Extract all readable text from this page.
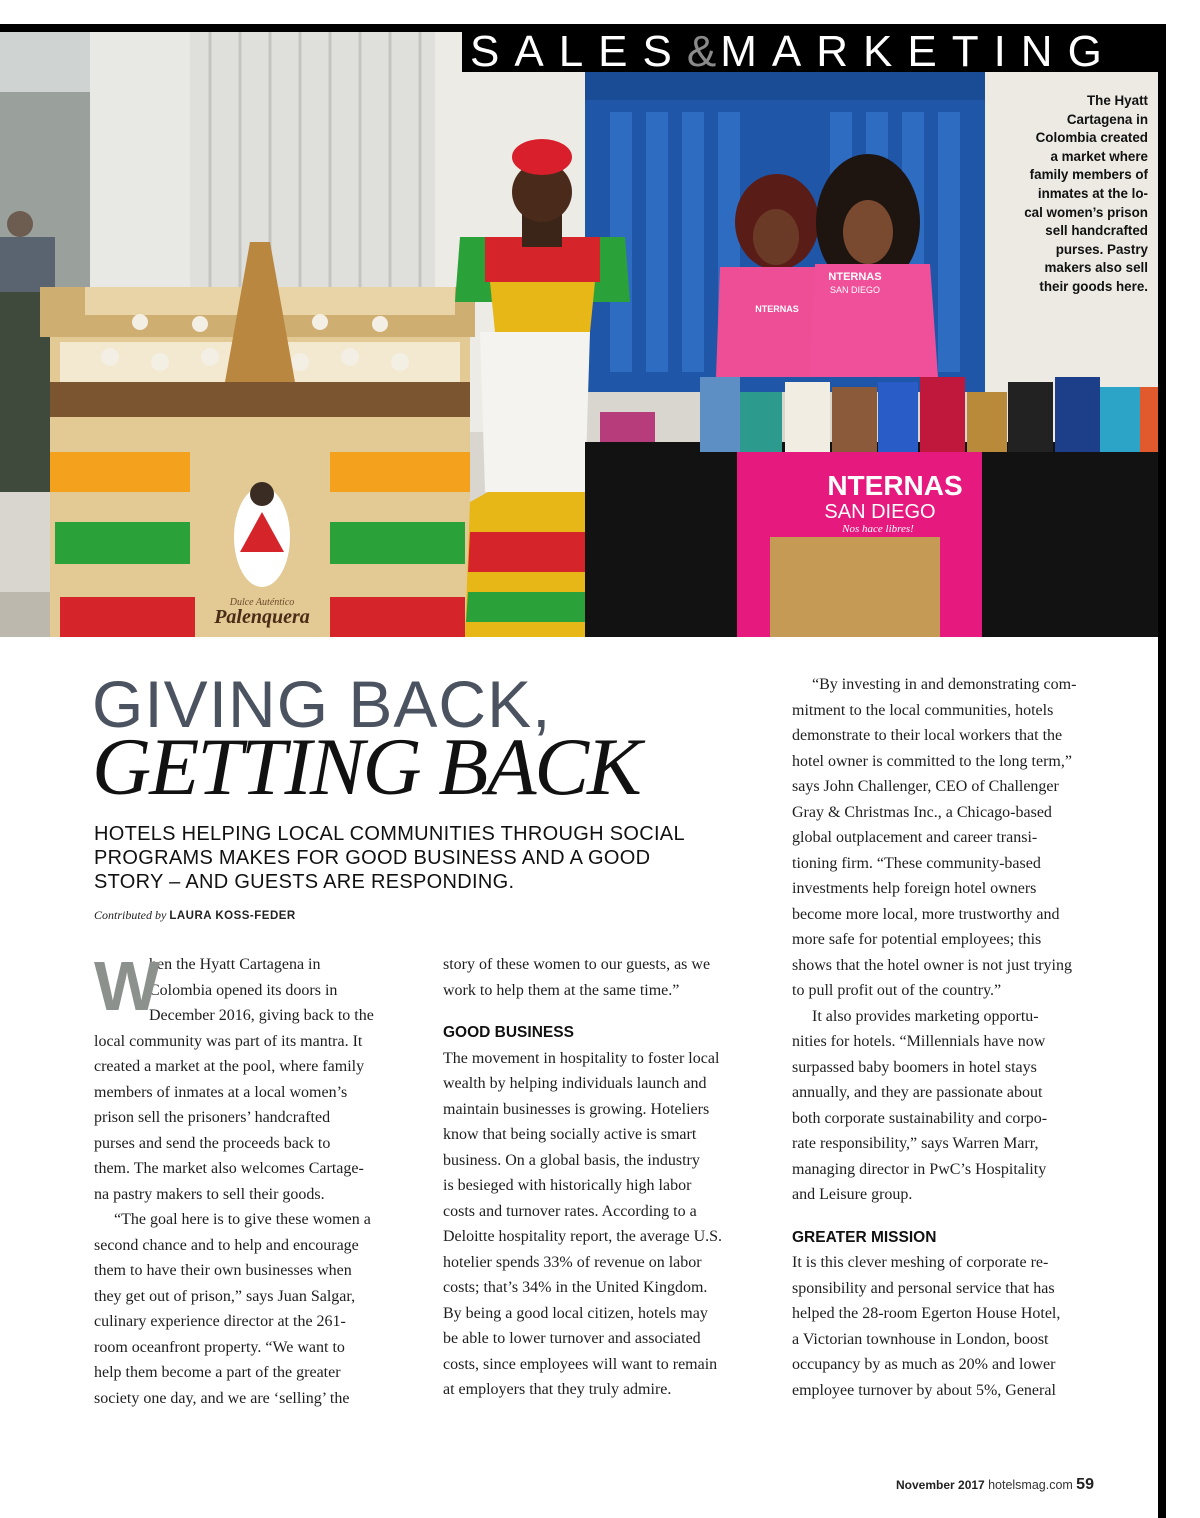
Dulce Auténtico
Palenquera
NTERNAS
NTERNAS
SAN DIEGO
NTERNAS
SAN DIEGO
Nos hace libres!
SALES&MARKETING
The Hyatt
Cartagena in
Colombia created
a market where
family members of
inmates at the lo-
cal women’s prison
sell handcrafted
purses. Pastry
makers also sell
their goods here.
GIVING BACK,
GETTING BACK
HOTELS HELPING LOCAL COMMUNITIES THROUGH SOCIAL
PROGRAMS MAKES FOR GOOD BUSINESS AND A GOOD
STORY – AND GUESTS ARE RESPONDING.
Contributed by LAURA KOSS-FEDER
W
hen the Hyatt Cartagena in
Colombia opened its doors in
December 2016, giving back to the
local community was part of its mantra. It
created a market at the pool, where family
members of inmates at a local women’s
prison sell the prisoners’ handcrafted
purses and send the proceeds back to
them. The market also welcomes Cartage-
na pastry makers to sell their goods.
“The goal here is to give these women a
second chance and to help and encourage
them to have their own businesses when
they get out of prison,” says Juan Salgar,
culinary experience director at the 261-
room oceanfront property. “We want to
help them become a part of the greater
society one day, and we are ‘selling’ the
story of these women to our guests, as we
work to help them at the same time.”
GOOD BUSINESS
The movement in hospitality to foster local
wealth by helping individuals launch and
maintain businesses is growing. Hoteliers
know that being socially active is smart
business. On a global basis, the industry
is besieged with historically high labor
costs and turnover rates. According to a
Deloitte hospitality report, the average U.S.
hotelier spends 33% of revenue on labor
costs; that’s 34% in the United Kingdom.
By being a good local citizen, hotels may
be able to lower turnover and associated
costs, since employees will want to remain
at employers that they truly admire.
“By investing in and demonstrating com-
mitment to the local communities, hotels
demonstrate to their local workers that the
hotel owner is committed to the long term,”
says John Challenger, CEO of Challenger
Gray & Christmas Inc., a Chicago-based
global outplacement and career transi-
tioning firm. “These community-based
investments help foreign hotel owners
become more local, more trustworthy and
more safe for potential employees; this
shows that the hotel owner is not just trying
to pull profit out of the country.”
It also provides marketing opportu-
nities for hotels. “Millennials have now
surpassed baby boomers in hotel stays
annually, and they are passionate about
both corporate sustainability and corpo-
rate responsibility,” says Warren Marr,
managing director in PwC’s Hospitality
and Leisure group.
GREATER MISSION
It is this clever meshing of corporate re-
sponsibility and personal service that has
helped the 28-room Egerton House Hotel,
a Victorian townhouse in London, boost
occupancy by as much as 20% and lower
employee turnover by about 5%, General
November 2017 hotelsmag.com 59
